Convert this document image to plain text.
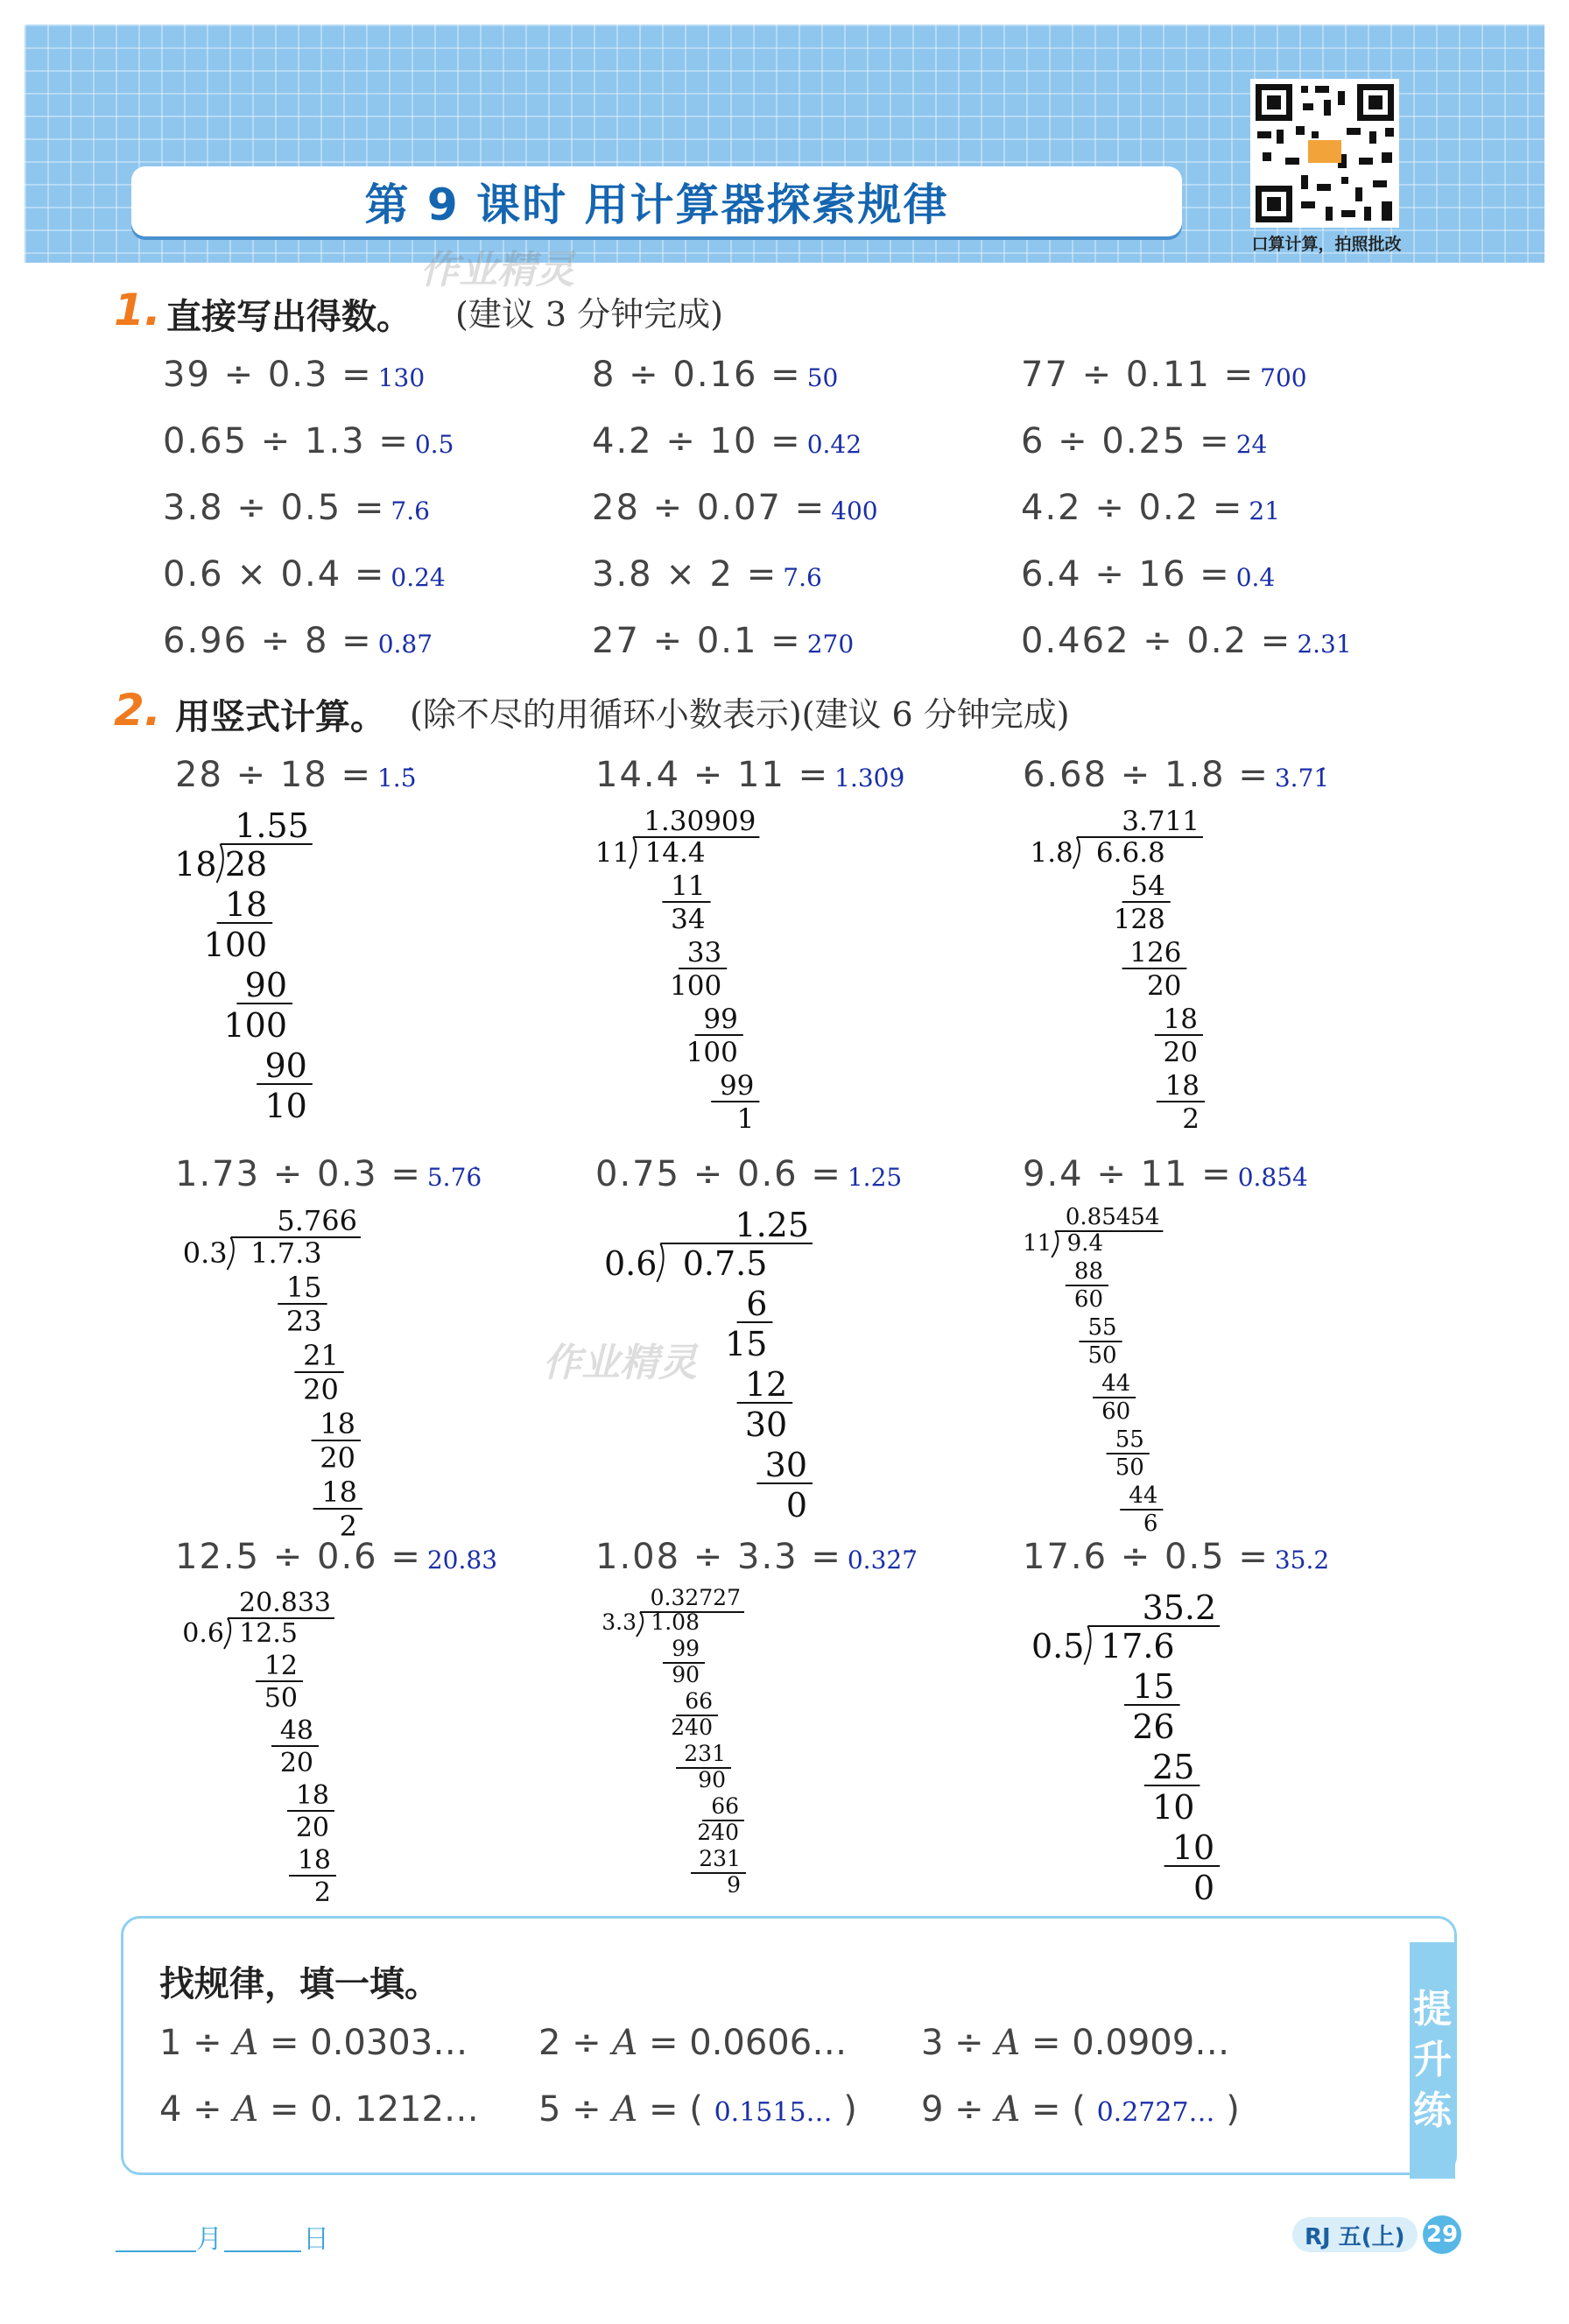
第 9 课时 用计算器探索规律
口算计算，拍照批改
作业精灵
作业精灵
1. 直接写出得数。 (建议 3 分钟完成)
39 ÷ 0.3 = 130	8 ÷ 0.16 = 50	77 ÷ 0.11 = 700
0.65 ÷ 1.3 = 0.5	4.2 ÷ 10 = 0.42	6 ÷ 0.25 = 24
3.8 ÷ 0.5 = 7.6	28 ÷ 0.07 = 400	4.2 ÷ 0.2 = 21
0.6 × 0.4 = 0.24	3.8 × 2 = 7.6	6.4 ÷ 16 = 0.4
6.96 ÷ 8 = 0.87	27 ÷ 0.1 = 270	0.462 ÷ 0.2 = 2.31
2. 用竖式计算。 (除不尽的用循环小数表示)(建议 6 分钟完成)
28 ÷ 18 = 1.5̇
1.55
18 28
18
100
90
100
90
10
14.4 ÷ 11 = 1.30̇9̇
1.30909
11 14.4
11
34
33
100
99
100
99
1
6.68 ÷ 1.8 = 3.71̇
3.711
1.8 6.6.8
54
128
126
20
18
20
18
2
1.73 ÷ 0.3 = 5.76̇
5.766
0.3 1.7.3
15
23
21
20
18
20
18
2
0.75 ÷ 0.6 = 1.25
1.25
0.6 0.7.5
6
15
12
30
30
0
9.4 ÷ 11 = 0.85̇4̇
0.85454
11 9.4
88
60
55
50
44
60
55
50
44
6
12.5 ÷ 0.6 = 20.83̇
20.833
0.6 12.5
12
50
48
20
18
20
18
2
1.08 ÷ 3.3 = 0.32̇7̇
0.32727
3.3 1.08
99
90
66
240
231
90
66
240
231
9
17.6 ÷ 0.5 = 35.2
35.2
0.5 17.6
15
26
25
10
10
0
提
升
练
找规律，填一填。
1 ÷ A = 0.0303… 2 ÷ A = 0.0606… 3 ÷ A = 0.0909…
4 ÷ A = 0. 1212… 5 ÷ A = ( 0.1515… ) 9 ÷ A = ( 0.2727… )
月	日	RJ 五(上) 29
